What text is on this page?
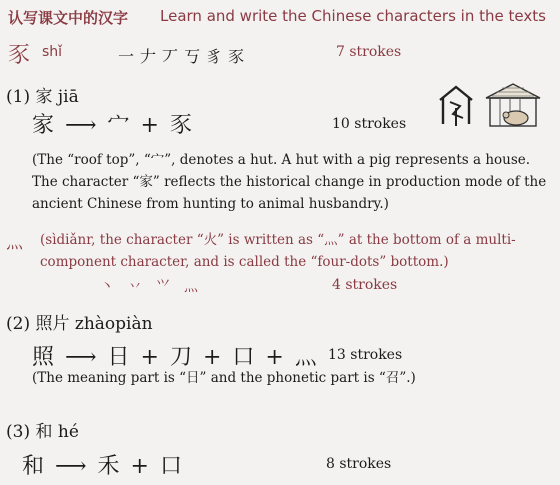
认写课文中的汉字 Learn and write the Chinese characters in the texts
豕 shǐ	一 𠂇 丆 丂 豸 豕	7 strokes
(1) 家 jiā
家 ⟶ 宀 + 豕	10 strokes
(The “roof top”, “宀”, denotes a hut. A hut with a pig represents a house. The character “家” reflects the historical change in production mode of the ancient Chinese from hunting to animal husbandry.)
灬 (sìdiǎnr, the character “火” is written as “灬” at the bottom of a multi-component character, and is called the “four-dots” bottom.)
丶 丷 𭕄 灬	4 strokes
(2) 照片 zhàopiàn
照 ⟶ 日 + 刀 + 口 + 灬 13 strokes
(The meaning part is “日” and the phonetic part is “召”.)
(3) 和 hé
和 ⟶ 禾 + 口	8 strokes
